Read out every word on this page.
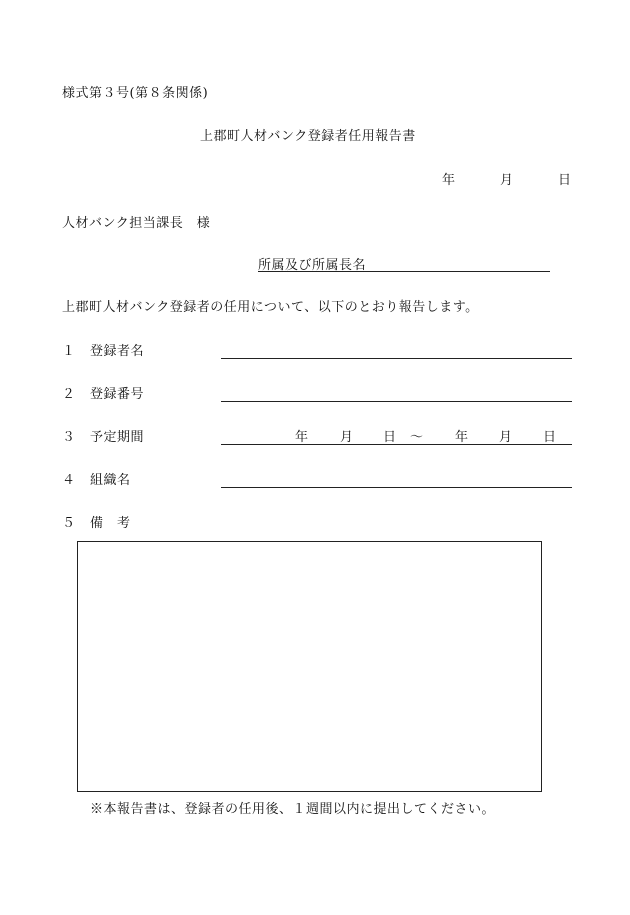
様式第３号(第８条関係)
上郡町人材バンク登録者任用報告書
年	月	日
人材バンク担当課長　様
所属及び所属長名
上郡町人材バンク登録者の任用について、以下のとおり報告します。
１ 登録者名
２ 登録番号
３ 予定期間	年 月 日 ～ 年 月 日
４ 組織名
５ 備　考
※本報告書は、登録者の任用後、１週間以内に提出してください。
